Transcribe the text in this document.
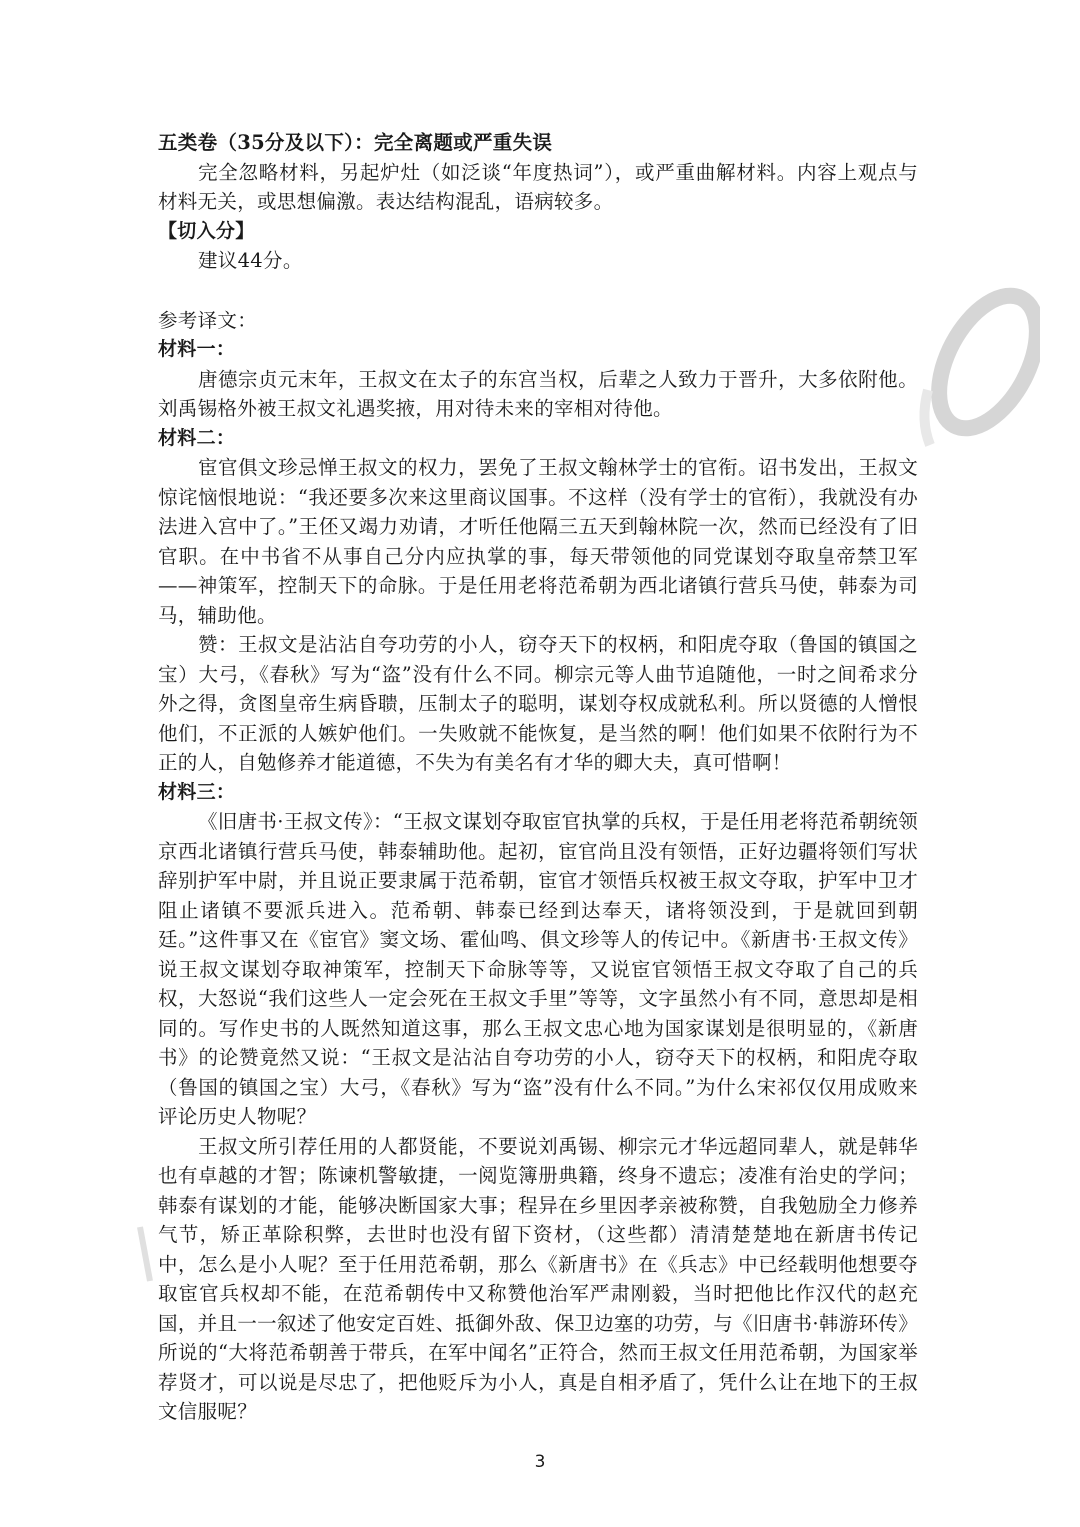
五类卷（35分及以下）：完全离题或严重失误

完全忽略材料，另起炉灶（如泛谈“年度热词”），或严重曲解材料。内容上观点与材料无关，或思想偏激。表达结构混乱，语病较多。

【切入分】

建议44分。

参考译文：

材料一：

唐德宗贞元末年，王叔文在太子的东宫当权，后辈之人致力于晋升，大多依附他。刘禹锡格外被王叔文礼遇奖掖，用对待未来的宰相对待他。

材料二：

宦官俱文珍忌惮王叔文的权力，罢免了王叔文翰林学士的官衔。诏书发出，王叔文惊诧恼恨地说：“我还要多次来这里商议国事。不这样（没有学士的官衔），我就没有办法进入宫中了。”王伾又竭力劝请，才听任他隔三五天到翰林院一次，然而已经没有了旧官职。在中书省不从事自己分内应执掌的事，每天带领他的同党谋划夺取皇帝禁卫军——神策军，控制天下的命脉。于是任用老将范希朝为西北诸镇行营兵马使，韩泰为司马，辅助他。

赞：王叔文是沾沾自夸功劳的小人，窃夺天下的权柄，和阳虎夺取（鲁国的镇国之宝）大弓，《春秋》写为“盗”没有什么不同。柳宗元等人曲节追随他，一时之间希求分外之得，贪图皇帝生病昏聩，压制太子的聪明，谋划夺权成就私利。所以贤德的人憎恨他们，不正派的人嫉妒他们。一失败就不能恢复，是当然的啊！他们如果不依附行为不正的人，自勉修养才能道德，不失为有美名有才华的卿大夫，真可惜啊！

材料三：

《旧唐书·王叔文传》：“王叔文谋划夺取宦官执掌的兵权，于是任用老将范希朝统领京西北诸镇行营兵马使，韩泰辅助他。起初，宦官尚且没有领悟，正好边疆将领们写状辞别护军中尉，并且说正要隶属于范希朝，宦官才领悟兵权被王叔文夺取，护军中卫才阻止诸镇不要派兵进入。范希朝、韩泰已经到达奉天，诸将领没到，于是就回到朝廷。”这件事又在《宦官》窦文场、霍仙鸣、俱文珍等人的传记中。《新唐书·王叔文传》说王叔文谋划夺取神策军，控制天下命脉等等，又说宦官领悟王叔文夺取了自己的兵权，大怒说“我们这些人一定会死在王叔文手里”等等，文字虽然小有不同，意思却是相同的。写作史书的人既然知道这事，那么王叔文忠心地为国家谋划是很明显的，《新唐书》的论赞竟然又说：“王叔文是沾沾自夸功劳的小人，窃夺天下的权柄，和阳虎夺取（鲁国的镇国之宝）大弓，《春秋》写为“盗”没有什么不同。”为什么宋祁仅仅用成败来评论历史人物呢？

王叔文所引荐任用的人都贤能，不要说刘禹锡、柳宗元才华远超同辈人，就是韩华也有卓越的才智；陈谏机警敏捷，一阅览簿册典籍，终身不遗忘；凌准有治史的学问；韩泰有谋划的才能，能够决断国家大事；程异在乡里因孝亲被称赞，自我勉励全力修养气节，矫正革除积弊，去世时也没有留下资材，（这些都）清清楚楚地在新唐书传记中，怎么是小人呢？至于任用范希朝，那么《新唐书》在《兵志》中已经载明他想要夺取宦官兵权却不能，在范希朝传中又称赞他治军严肃刚毅，当时把他比作汉代的赵充国，并且一一叙述了他安定百姓、抵御外敌、保卫边塞的功劳，与《旧唐书·韩游环传》所说的“大将范希朝善于带兵，在军中闻名”正符合，然而王叔文任用范希朝，为国家举荐贤才，可以说是尽忠了，把他贬斥为小人，真是自相矛盾了，凭什么让在地下的王叔文信服呢？

3
